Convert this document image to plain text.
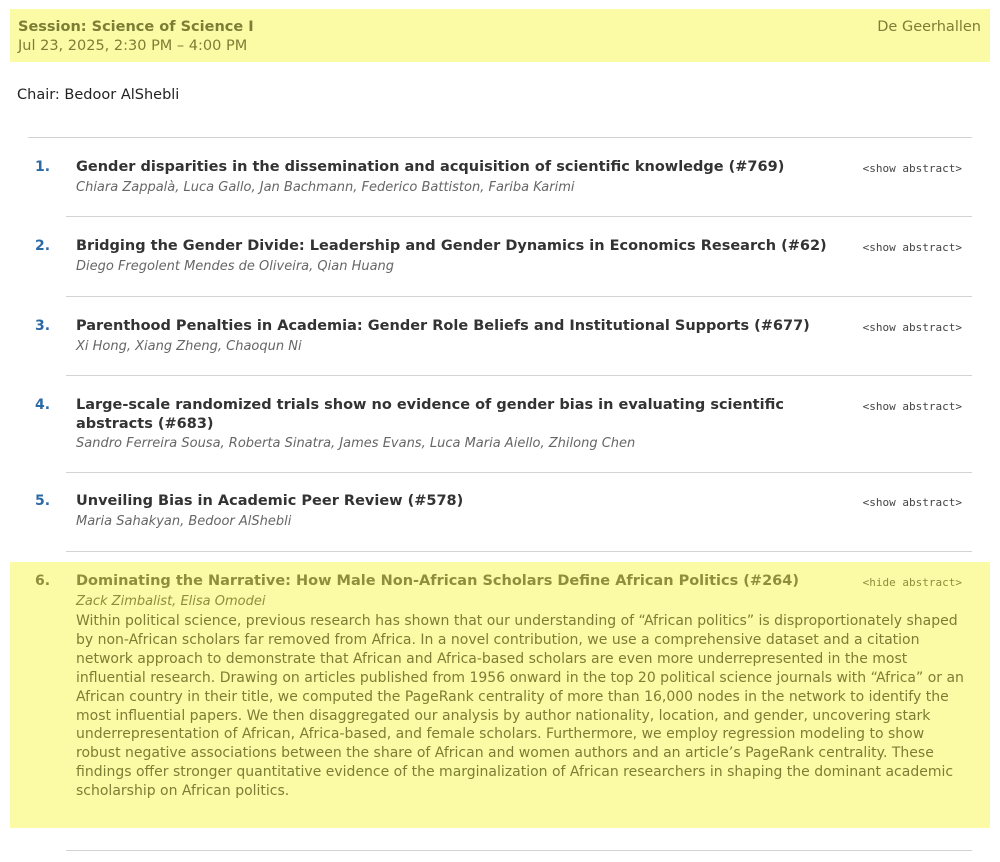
Session: Science of Science I
Jul 23, 2025, 2:30 PM – 4:00 PM
De Geerhallen
Chair: Bedoor AlShebli
1. Gender disparities in the dissemination and acquisition of scientific knowledge (#769)
Chiara Zappalà, Luca Gallo, Jan Bachmann, Federico Battiston, Fariba Karimi
<show abstract>
2. Bridging the Gender Divide: Leadership and Gender Dynamics in Economics Research (#62)
Diego Fregolent Mendes de Oliveira, Qian Huang
<show abstract>
3. Parenthood Penalties in Academia: Gender Role Beliefs and Institutional Supports (#677)
Xi Hong, Xiang Zheng, Chaoqun Ni
<show abstract>
4. Large-scale randomized trials show no evidence of gender bias in evaluating scientific abstracts (#683)
Sandro Ferreira Sousa, Roberta Sinatra, James Evans, Luca Maria Aiello, Zhilong Chen
<show abstract>
5. Unveiling Bias in Academic Peer Review (#578)
Maria Sahakyan, Bedoor AlShebli
<show abstract>
6. Dominating the Narrative: How Male Non-African Scholars Define African Politics (#264)
Zack Zimbalist, Elisa Omodei
<hide abstract>
Within political science, previous research has shown that our understanding of “African politics” is disproportionately shaped by non-African scholars far removed from Africa. In a novel contribution, we use a comprehensive dataset and a citation network approach to demonstrate that African and Africa-based scholars are even more underrepresented in the most influential research. Drawing on articles published from 1956 onward in the top 20 political science journals with “Africa” or an African country in their title, we computed the PageRank centrality of more than 16,000 nodes in the network to identify the most influential papers. We then disaggregated our analysis by author nationality, location, and gender, uncovering stark underrepresentation of African, Africa-based, and female scholars. Furthermore, we employ regression modeling to show robust negative associations between the share of African and women authors and an article’s PageRank centrality. These findings offer stronger quantitative evidence of the marginalization of African researchers in shaping the dominant academic scholarship on African politics.
